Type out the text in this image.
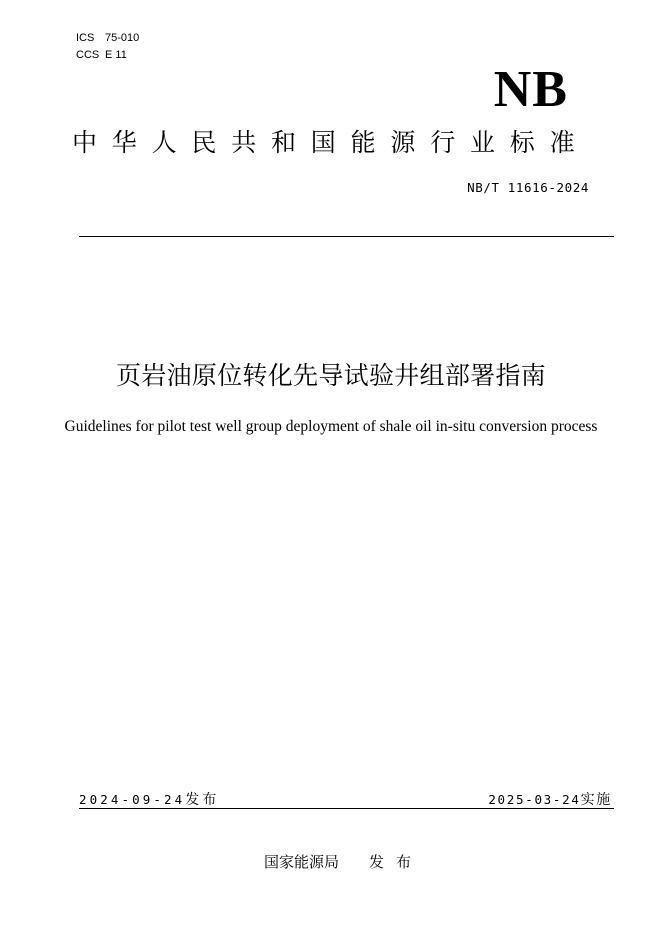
ICS 75-010
CCS E 11
NB
中华人民共和国能源行业标准
NB/T 11616-2024
页岩油原位转化先导试验井组部署指南
Guidelines for pilot test well group deployment of shale oil in-situ conversion process
2024-09-24发布	2025-03-24实施
国家能源局 发布
